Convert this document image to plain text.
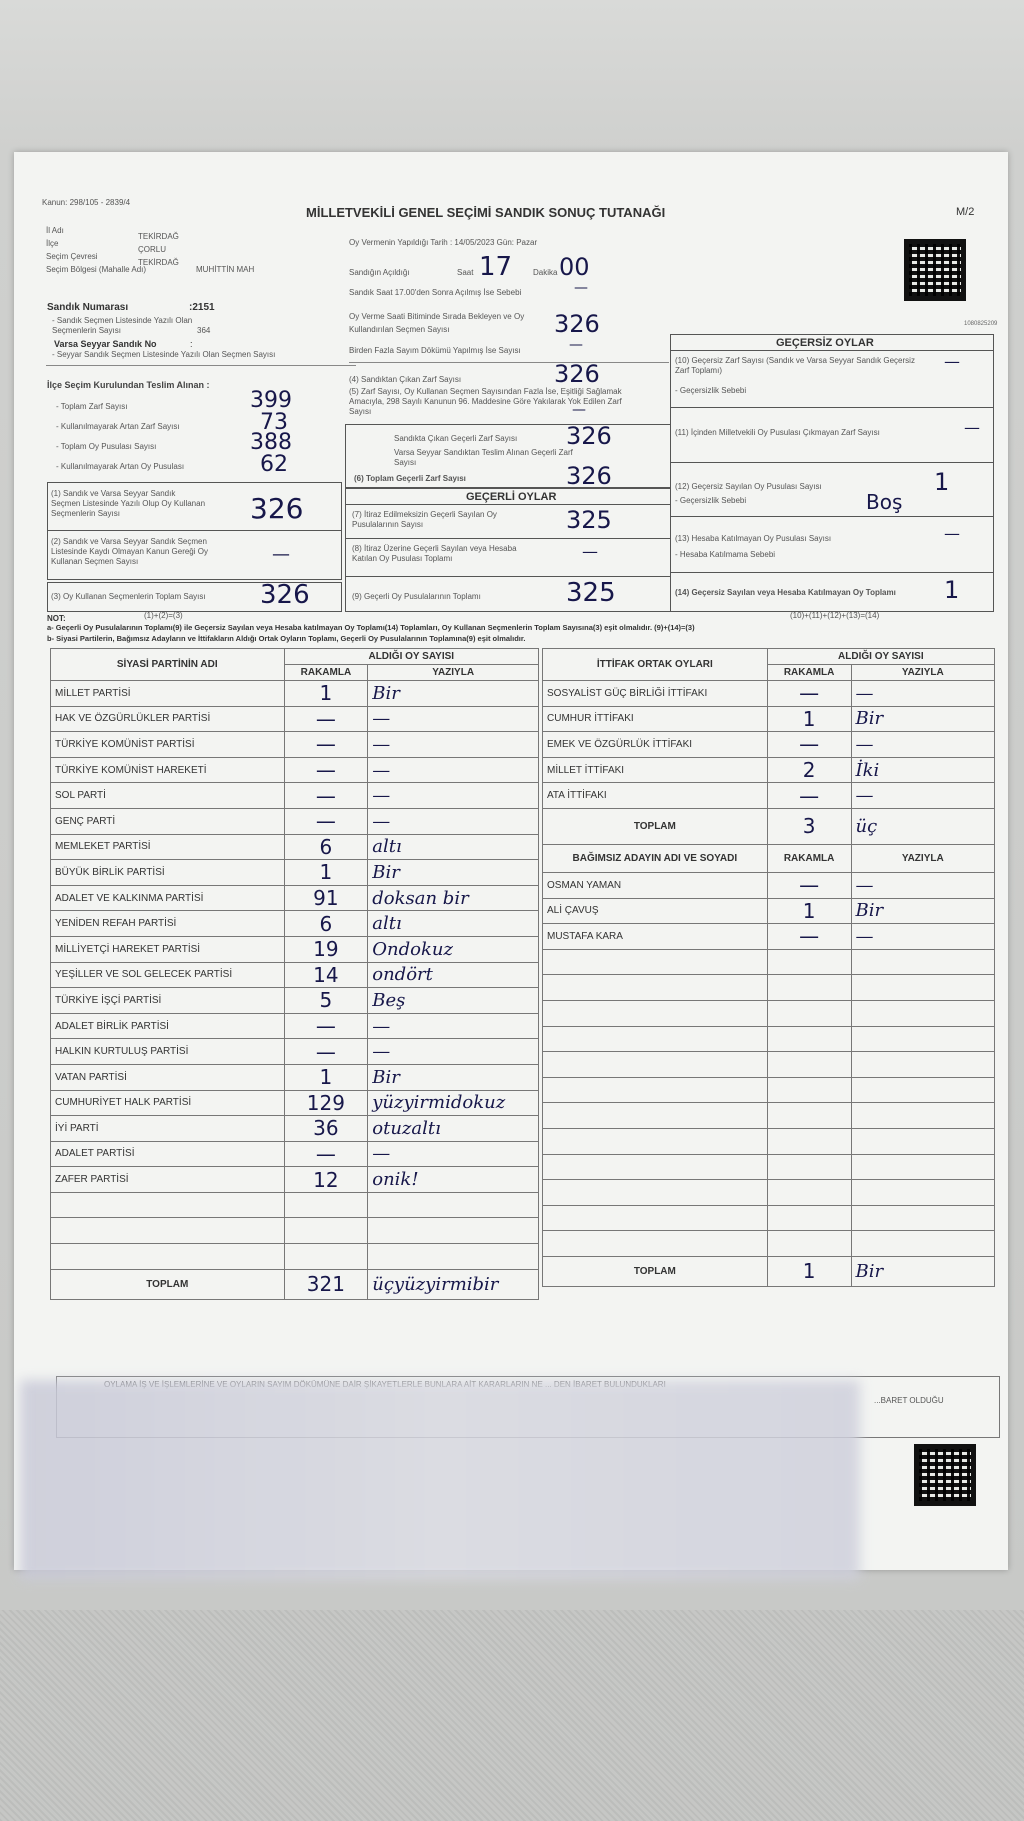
Kanun: 298/105 - 2839/4
MİLLETVEKİLİ GENEL SEÇİMİ SANDIK SONUÇ TUTANAĞI	M/2
İl Adı
TEKİRDAĞ
İlçe
ÇORLU
Seçim Çevresi
TEKİRDAĞ
Seçim Bölgesi (Mahalle Adı)	MUHİTTİN MAH
Oy Vermenin Yapıldığı Tarih : 14/05/2023 Gün: Pazar
Sandığın Açıldığı	Saat 17	Dakika 00
1080825209
Sandık Numarası	:2151
- Sandık Seçmen Listesinde Yazılı Olan Seçmenlerin Sayısı	364
Varsa Seyyar Sandık No	:
- Seyyar Sandık Seçmen Listesinde Yazılı Olan Seçmen Sayısı
İlçe Seçim Kurulundan Teslim Alınan :
- Toplam Zarf Sayısı	399
- Kullanılmayarak Artan Zarf Sayısı	73
- Toplam Oy Pusulası Sayısı	388
- Kullanılmayarak Artan Oy Pusulası	62
(1) Sandık ve Varsa Seyyar Sandık Seçmen Listesinde Yazılı Olup Oy Kullanan Seçmenlerin Sayısı	326
(2) Sandık ve Varsa Seyyar Sandık Seçmen Listesinde Kaydı Olmayan Kanun Gereği Oy Kullanan Seçmen Sayısı	—
(3) Oy Kullanan Seçmenlerin Toplam Sayısı 326
(1)+(2)=(3)
NOT:
Sandık Saat 17.00'den Sonra Açılmış İse Sebebi	—
Oy Verme Saati Bitiminde Sırada Bekleyen ve Oy Kullandırılan Seçmen Sayısı	326
Birden Fazla Sayım Dökümü Yapılmış İse Sayısı	—
326
(4) Sandıktan Çıkan Zarf Sayısı
(5) Zarf Sayısı, Oy Kullanan Seçmen Sayısından Fazla İse, Eşitliği Sağlamak Amacıyla, 298 Sayılı Kanunun 96. Maddesine Göre Yakılarak Yok Edilen Zarf Sayısı	—
Sandıkta Çıkan Geçerli Zarf Sayısı 326
Varsa Seyyar Sandıktan Teslim Alınan Geçerli Zarf Sayısı
(6) Toplam Geçerli Zarf Sayısı	326
GEÇERLİ OYLAR
(7) İtiraz Edilmeksizin Geçerli Sayılan Oy Pusulalarının Sayısı	325
(8) İtiraz Üzerine Geçerli Sayılan veya Hesaba Katılan Oy Pusulası Toplamı	—
(9) Geçerli Oy Pusulalarının Toplamı	325
GEÇERSİZ OYLAR
(10) Geçersiz Zarf Sayısı (Sandık ve Varsa Seyyar Sandık Geçersiz Zarf Toplamı)	—
- Geçersizlik Sebebi
(11) İçinden Milletvekili Oy Pusulası Çıkmayan Zarf Sayısı	—
(12) Geçersiz Sayılan Oy Pusulası Sayısı	1
- Geçersizlik Sebebi	Boş
(13) Hesaba Katılmayan Oy Pusulası Sayısı	—
- Hesaba Katılmama Sebebi
(14) Geçersiz Sayılan veya Hesaba Katılmayan Oy Toplamı 1
(10)+(11)+(12)+(13)=(14)
a- Geçerli Oy Pusulalarının Toplamı(9) ile Geçersiz Sayılan veya Hesaba katılmayan Oy Toplamı(14) Toplamları, Oy Kullanan Seçmenlerin Toplam Sayısına(3) eşit olmalıdır. (9)+(14)=(3)
b- Siyasi Partilerin, Bağımsız Adayların ve İttifakların Aldığı Ortak Oyların Toplamı, Geçerli Oy Pusulalarının Toplamına(9) eşit olmalıdır.
SİYASİ PARTİNİN ADI	ALDIĞI OY SAYISI	
	RAKAMLA	YAZIYLA
MİLLET PARTİSİ	1	Bir
HAK VE ÖZGÜRLÜKLER PARTİSİ	—	—
TÜRKİYE KOMÜNİST PARTİSİ	—	—
TÜRKİYE KOMÜNİST HAREKETİ	—	—
SOL PARTİ	—	—
GENÇ PARTİ	—	—
MEMLEKET PARTİSİ	6	altı
BÜYÜK BİRLİK PARTİSİ	1	Bir
ADALET VE KALKINMA PARTİSİ	91	doksan bir
YENİDEN REFAH PARTİSİ	6	altı
MİLLİYETÇİ HAREKET PARTİSİ	19	Ondokuz
YEŞİLLER VE SOL GELECEK PARTİSİ	14	ondört
TÜRKİYE İŞÇİ PARTİSİ	5	Beş
ADALET BİRLİK PARTİSİ	—	—
HALKIN KURTULUŞ PARTİSİ	—	—
VATAN PARTİSİ	1	Bir
CUMHURİYET HALK PARTİSİ	129	yüzyirmidokuz
İYİ PARTİ	36	otuzaltı
ADALET PARTİSİ	—	—
ZAFER PARTİSİ	12	onik!

TOPLAM	321	üçyüzyirmibir
İTTİFAK ORTAK OYLARI	ALDIĞI OY SAYISI	
	RAKAMLA	YAZIYLA
SOSYALİST GÜÇ BİRLİĞİ İTTİFAKI	—	—
CUMHUR İTTİFAKI	1	Bir
EMEK VE ÖZGÜRLÜK İTTİFAKI	—	—
MİLLET İTTİFAKI	2	İki
ATA İTTİFAKI	—	—
TOPLAM	3	üç
BAĞIMSIZ ADAYIN ADI VE SOYADI	RAKAMLA	YAZIYLA
OSMAN YAMAN	—	—
ALİ ÇAVUŞ	1	Bir
MUSTAFA KARA	—	—

TOPLAM	1	Bir
...BARET OLDUĞU
